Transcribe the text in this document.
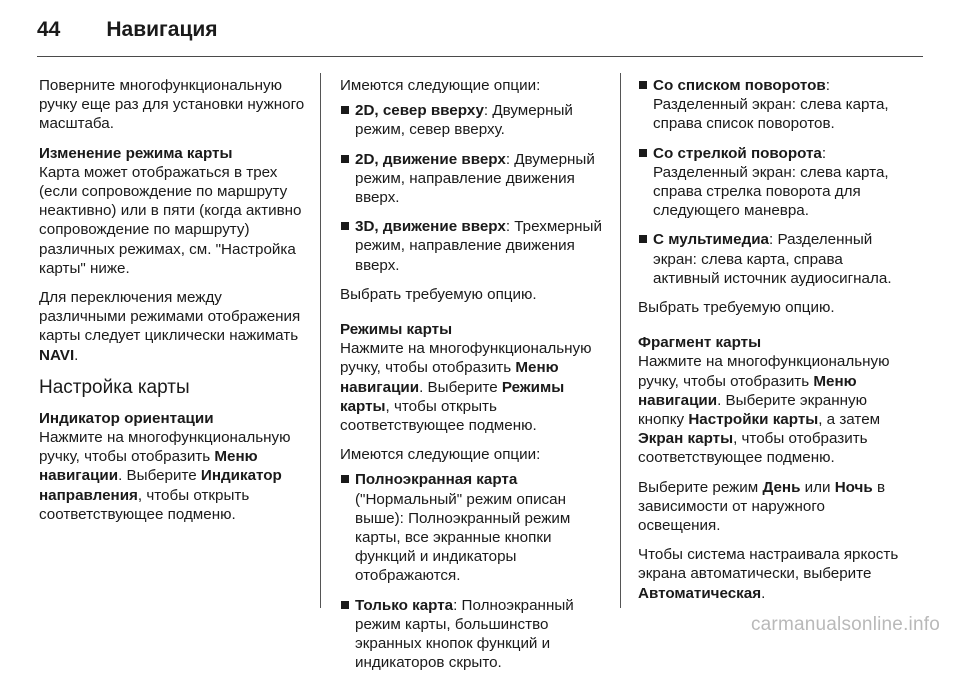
44 Навигация

Поверните многофункциональную ручку еще раз для установки нужного масштаба.

Изменение режима карты

Карта может отображаться в трех (если сопровождение по маршруту неактивно) или в пяти (когда активно сопровождение по маршруту) различных режимах, см. "Настройка карты" ниже.

Для переключения между различными режимами отображения карты следует циклически нажимать NAVI.

Настройка карты

Индикатор ориентации

Нажмите на многофункциональную ручку, чтобы отобразить Меню навигации. Выберите Индикатор направления, чтобы открыть соответствующее подменю.

Имеются следующие опции:

2D, север вверху: Двумерный режим, север вверху.
2D, движение вверх: Двумерный режим, направление движения вверх.
3D, движение вверх: Трехмерный режим, направление движения вверх.

Выбрать требуемую опцию.

Режимы карты

Нажмите на многофункциональную ручку, чтобы отобразить Меню навигации. Выберите Режимы карты, чтобы открыть соответствующее подменю.

Имеются следующие опции:

Полноэкранная карта ("Нормальный" режим описан выше): Полноэкранный режим карты, все экранные кнопки функций и индикаторы отображаются.
Только карта: Полноэкранный режим карты, большинство экранных кнопок функций и индикаторов скрыто.
Со списком поворотов: Разделенный экран: слева карта, справа список поворотов.
Со стрелкой поворота: Разделенный экран: слева карта, справа стрелка поворота для следующего маневра.
С мультимедиа: Разделенный экран: слева карта, справа активный источник аудиосигнала.

Выбрать требуемую опцию.

Фрагмент карты

Нажмите на многофункциональную ручку, чтобы отобразить Меню навигации. Выберите экранную кнопку Настройки карты, а затем Экран карты, чтобы отобразить соответствующее подменю.

Выберите режим День или Ночь в зависимости от наружного освещения.

Чтобы система настраивала яркость экрана автоматически, выберите Автоматическая.

carmanualsonline.info
